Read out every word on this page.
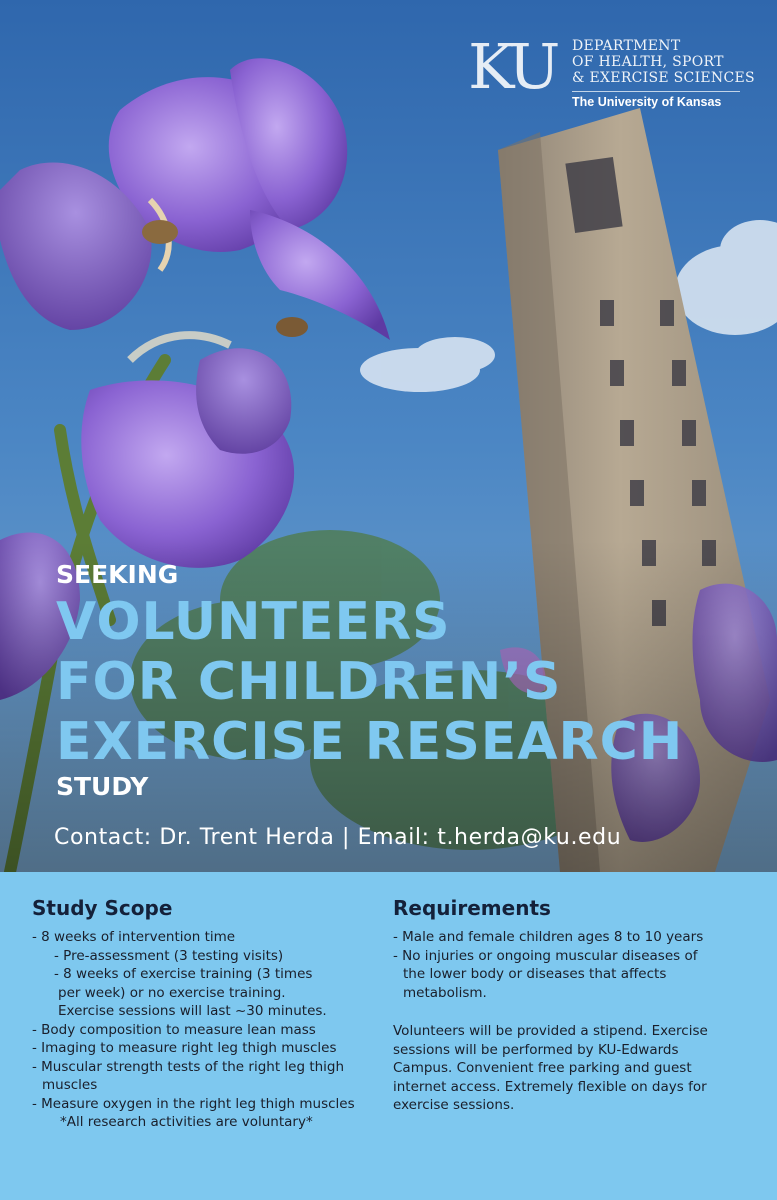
KU DEPARTMENT
OF HEALTH, SPORT
& EXERCISE SCIENCES
The University of Kansas
SEEKING
VOLUNTEERS
FOR CHILDREN’S
EXERCISE RESEARCH
STUDY
Contact: Dr. Trent Herda | Email: t.herda@ku.edu
Study Scope
- 8 weeks of intervention time
- Pre-assessment (3 testing visits)
- 8 weeks of exercise training (3 times
per week) or no exercise training.
Exercise sessions will last ~30 minutes.
- Body composition to measure lean mass
- Imaging to measure right leg thigh muscles
- Muscular strength tests of the right leg thigh
muscles
- Measure oxygen in the right leg thigh muscles
*All research activities are voluntary*
Requirements
- Male and female children ages 8 to 10 years
- No injuries or ongoing muscular diseases of
the lower body or diseases that affects
metabolism.
Volunteers will be provided a stipend. Exercise
sessions will be performed by KU-Edwards
Campus. Convenient free parking and guest
internet access. Extremely flexible on days for
exercise sessions.
